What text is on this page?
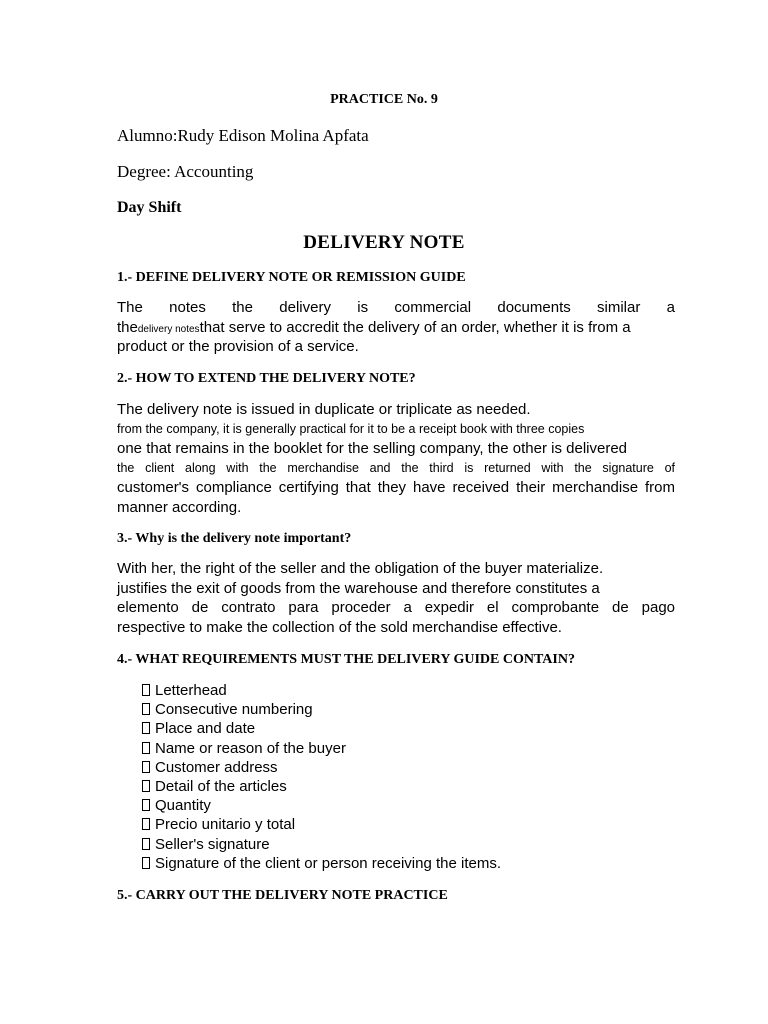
PRACTICE No. 9

Alumno:Rudy Edison Molina Apfata

Degree: Accounting

Day Shift

DELIVERY NOTE

1.- DEFINE DELIVERY NOTE OR REMISSION GUIDE

The notes the delivery is commercial documents similar a
thedelivery notesthat serve to accredit the delivery of an order, whether it is from a
product or the provision of a service.

2.- HOW TO EXTEND THE DELIVERY NOTE?

The delivery note is issued in duplicate or triplicate as needed.
from the company, it is generally practical for it to be a receipt book with three copies
one that remains in the booklet for the selling company, the other is delivered
the client along with the merchandise and the third is returned with the signature of
customer's compliance certifying that they have received their merchandise from
manner according.

3.- Why is the delivery note important?

With her, the right of the seller and the obligation of the buyer materialize.
justifies the exit of goods from the warehouse and therefore constitutes a
elemento de contrato para proceder a expedir el comprobante de pago
respective to make the collection of the sold merchandise effective.

4.- WHAT REQUIREMENTS MUST THE DELIVERY GUIDE CONTAIN?

Letterhead
Consecutive numbering
Place and date
Name or reason of the buyer
Customer address
Detail of the articles
Quantity
Precio unitario y total
Seller's signature
Signature of the client or person receiving the items.

5.- CARRY OUT THE DELIVERY NOTE PRACTICE
